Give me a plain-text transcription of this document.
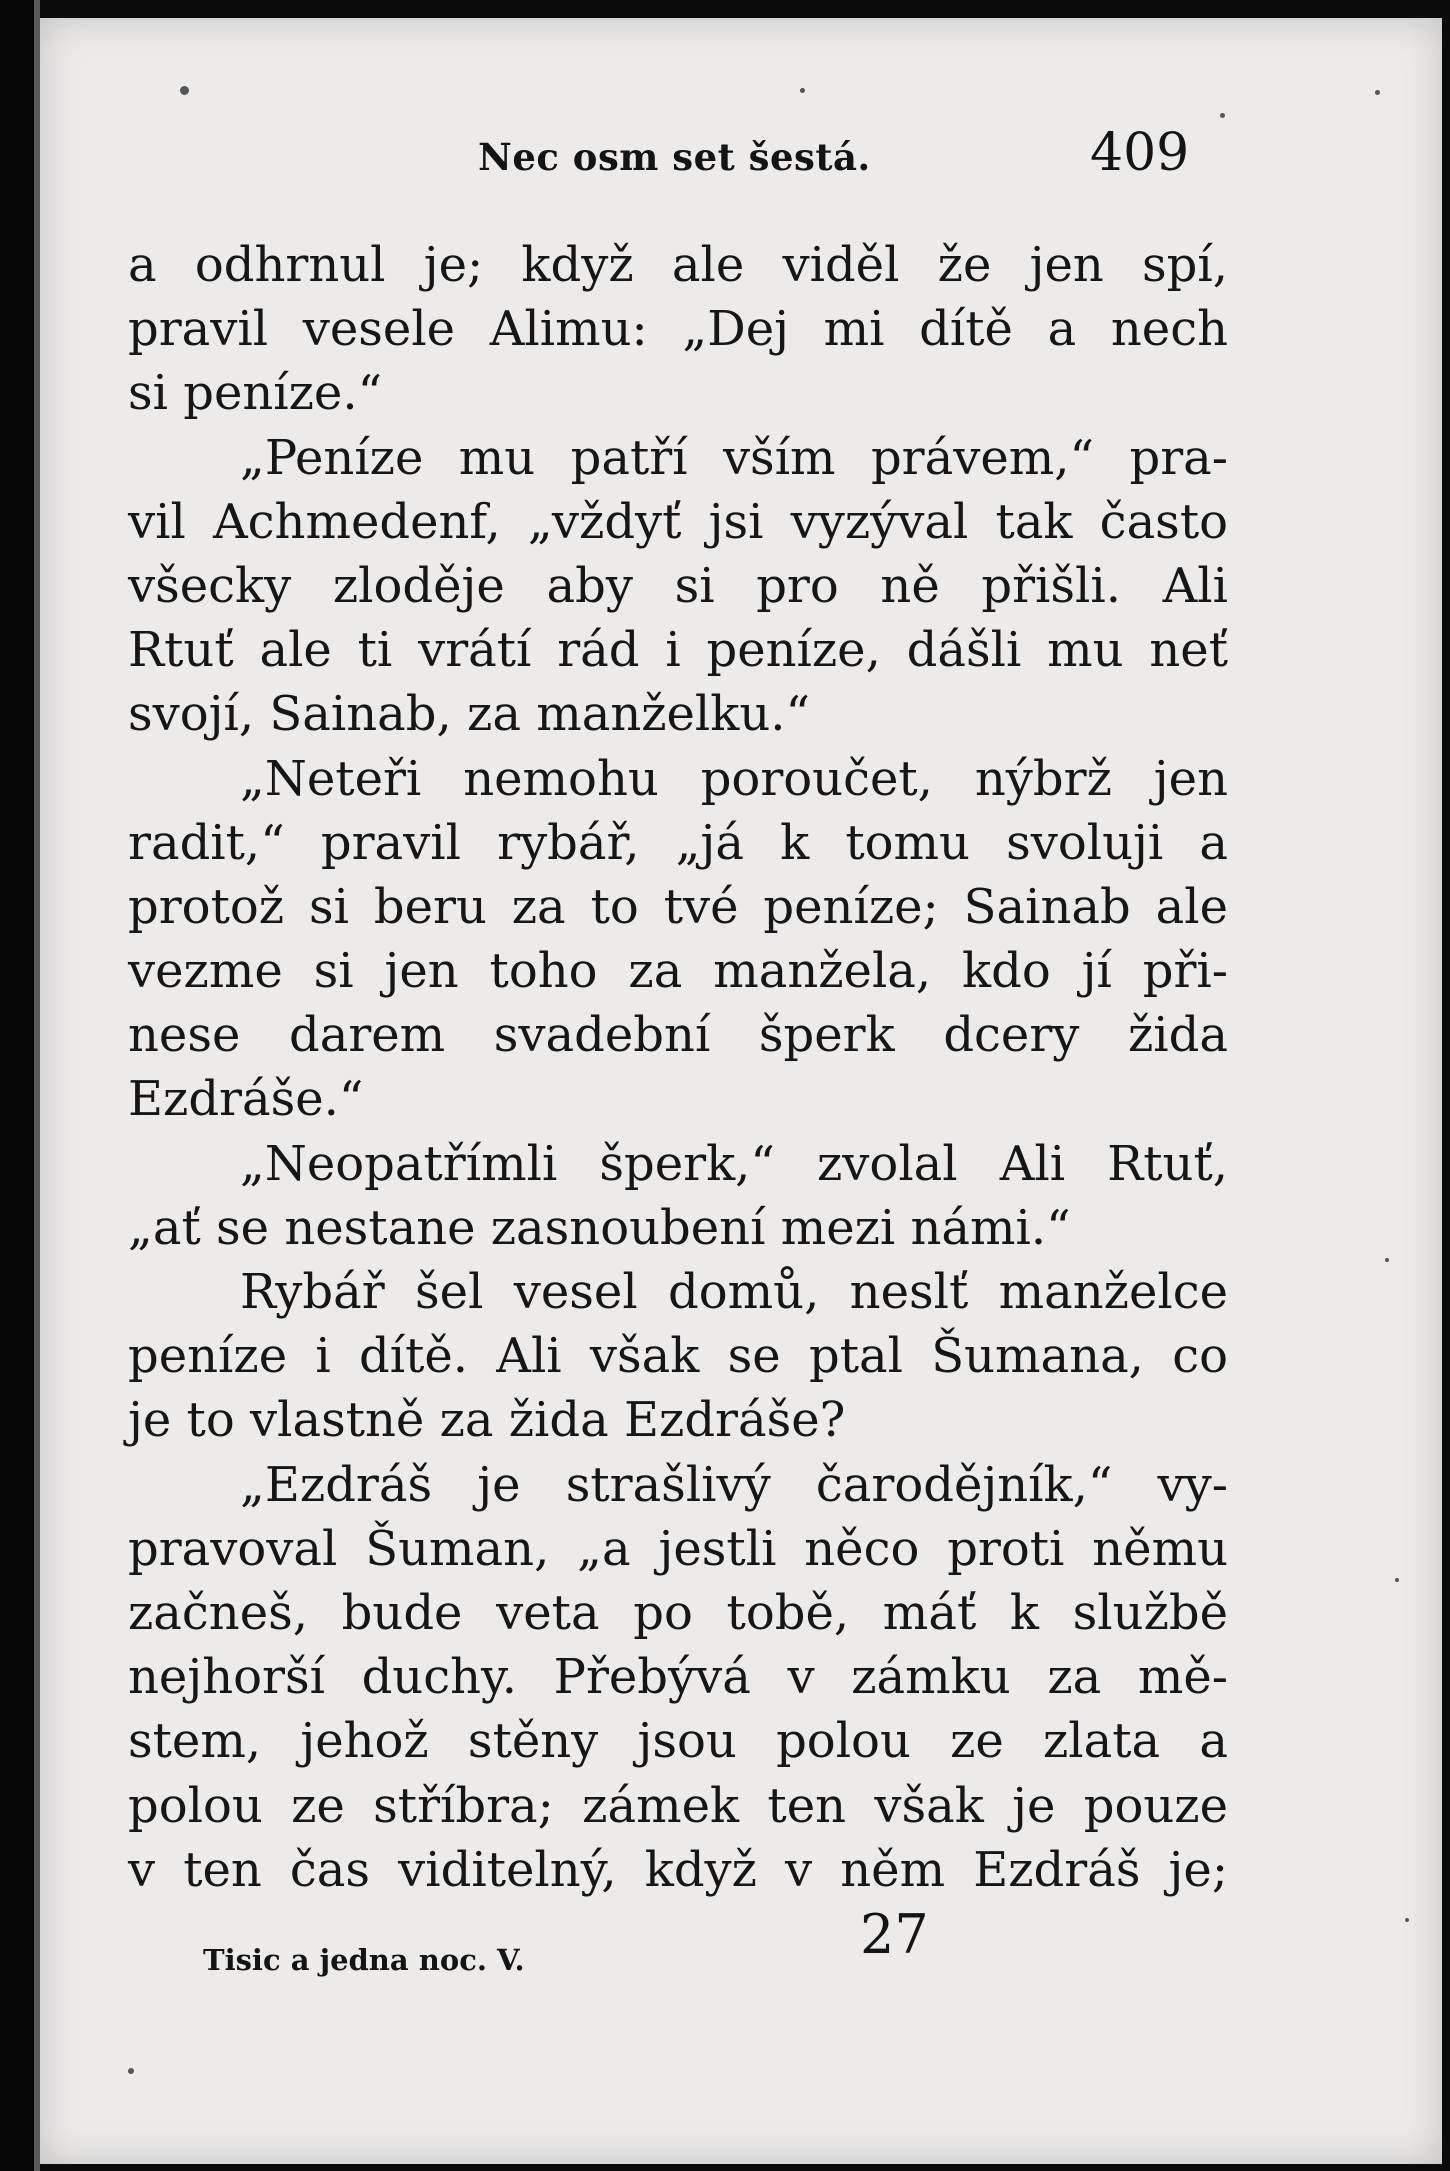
Nec osm set šestá.	409
a odhrnul je; když ale viděl že jen spí,
pravil vesele Alimu: „Dej mi dítě a nech
si peníze.“
„Peníze mu patří vším právem,“ pra-
vil Achmedenf, „vždyť jsi vyzýval tak často
všecky zloděje aby si pro ně přišli. Ali
Rtuť ale ti vrátí rád i peníze, dášli mu neť
svojí, Sainab, za manželku.“
„Neteři nemohu poroučet, nýbrž jen
radit,“ pravil rybář, „já k tomu svoluji a
protož si beru za to tvé peníze; Sainab ale
vezme si jen toho za manžela, kdo jí při-
nese darem svadební šperk dcery žida
Ezdráše.“
„Neopatřímli šperk,“ zvolal Ali Rtuť,
„ať se nestane zasnoubení mezi námi.“
Rybář šel vesel domů, neslť manželce
peníze i dítě. Ali však se ptal Šumana, co
je to vlastně za žida Ezdráše?
„Ezdráš je strašlivý čarodějník,“ vy-
pravoval Šuman, „a jestli něco proti němu
začneš, bude veta po tobě, máť k službě
nejhorší duchy. Přebývá v zámku za mě-
stem, jehož stěny jsou polou ze zlata a
polou ze stříbra; zámek ten však je pouze
v ten čas viditelný, když v něm Ezdráš je;
Tisic a jedna noc. V.	27
